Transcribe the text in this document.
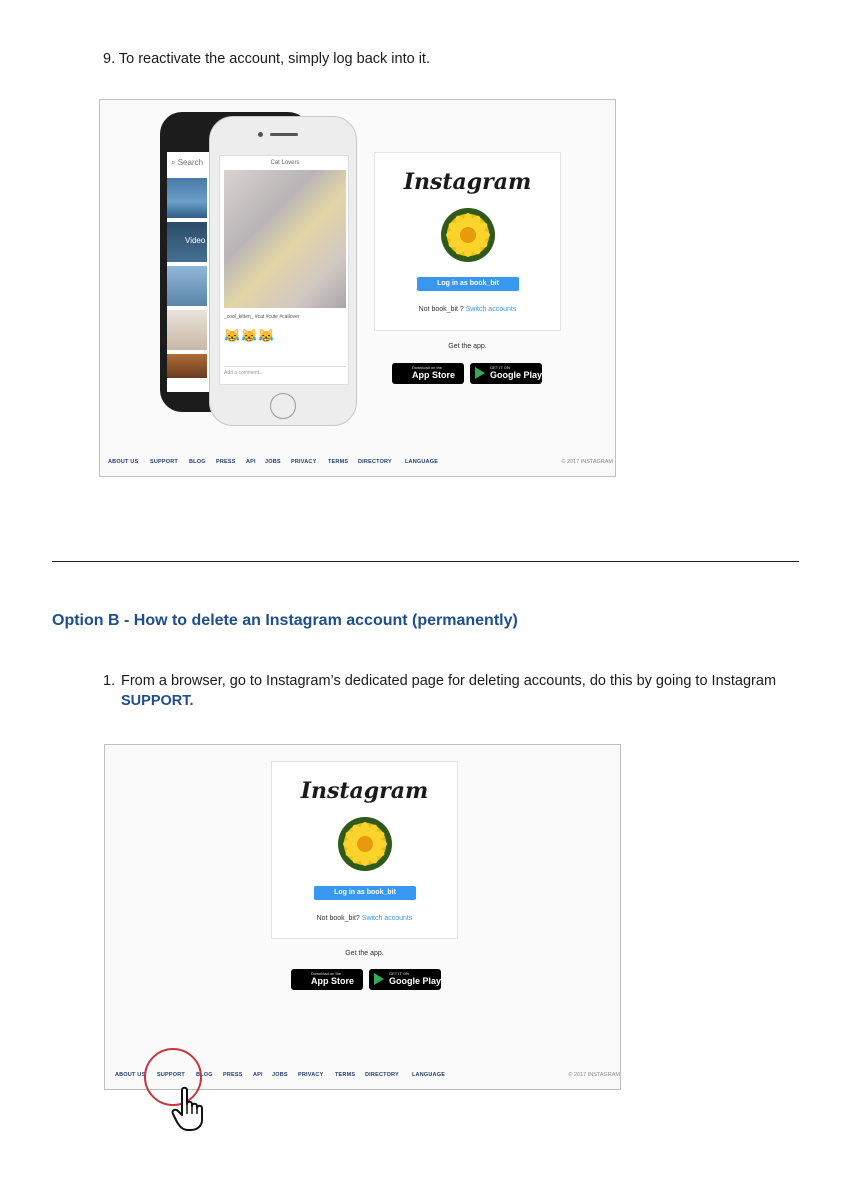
9. To reactivate the account, simply log back into it.
⌕ Search
Video
Cat Lovers
_cool_kitten_ #cat #cute #catlover
😹😹😹
Add a comment...
Instagram
Log in as book_bit
Not book_bit ? Switch accounts
Get the app.
Download on the
App Store
GET IT ON
Google Play
ABOUT US SUPPORT BLOG PRESS API JOBS PRIVACY TERMS DIRECTORY LANGUAGE	© 2017 INSTAGRAM
Option B - How to delete an Instagram account (permanently)
1. From a browser, go to Instagram’s dedicated page for deleting accounts, do this by going to Instagram
SUPPORT.
Instagram
Log in as book_bit
Not book_bit? Switch accounts
Get the app.
Download on the
App Store
GET IT ON
Google Play
ABOUT US SUPPORT BLOG PRESS API JOBS PRIVACY TERMS DIRECTORY LANGUAGE	© 2017 INSTAGRAM
